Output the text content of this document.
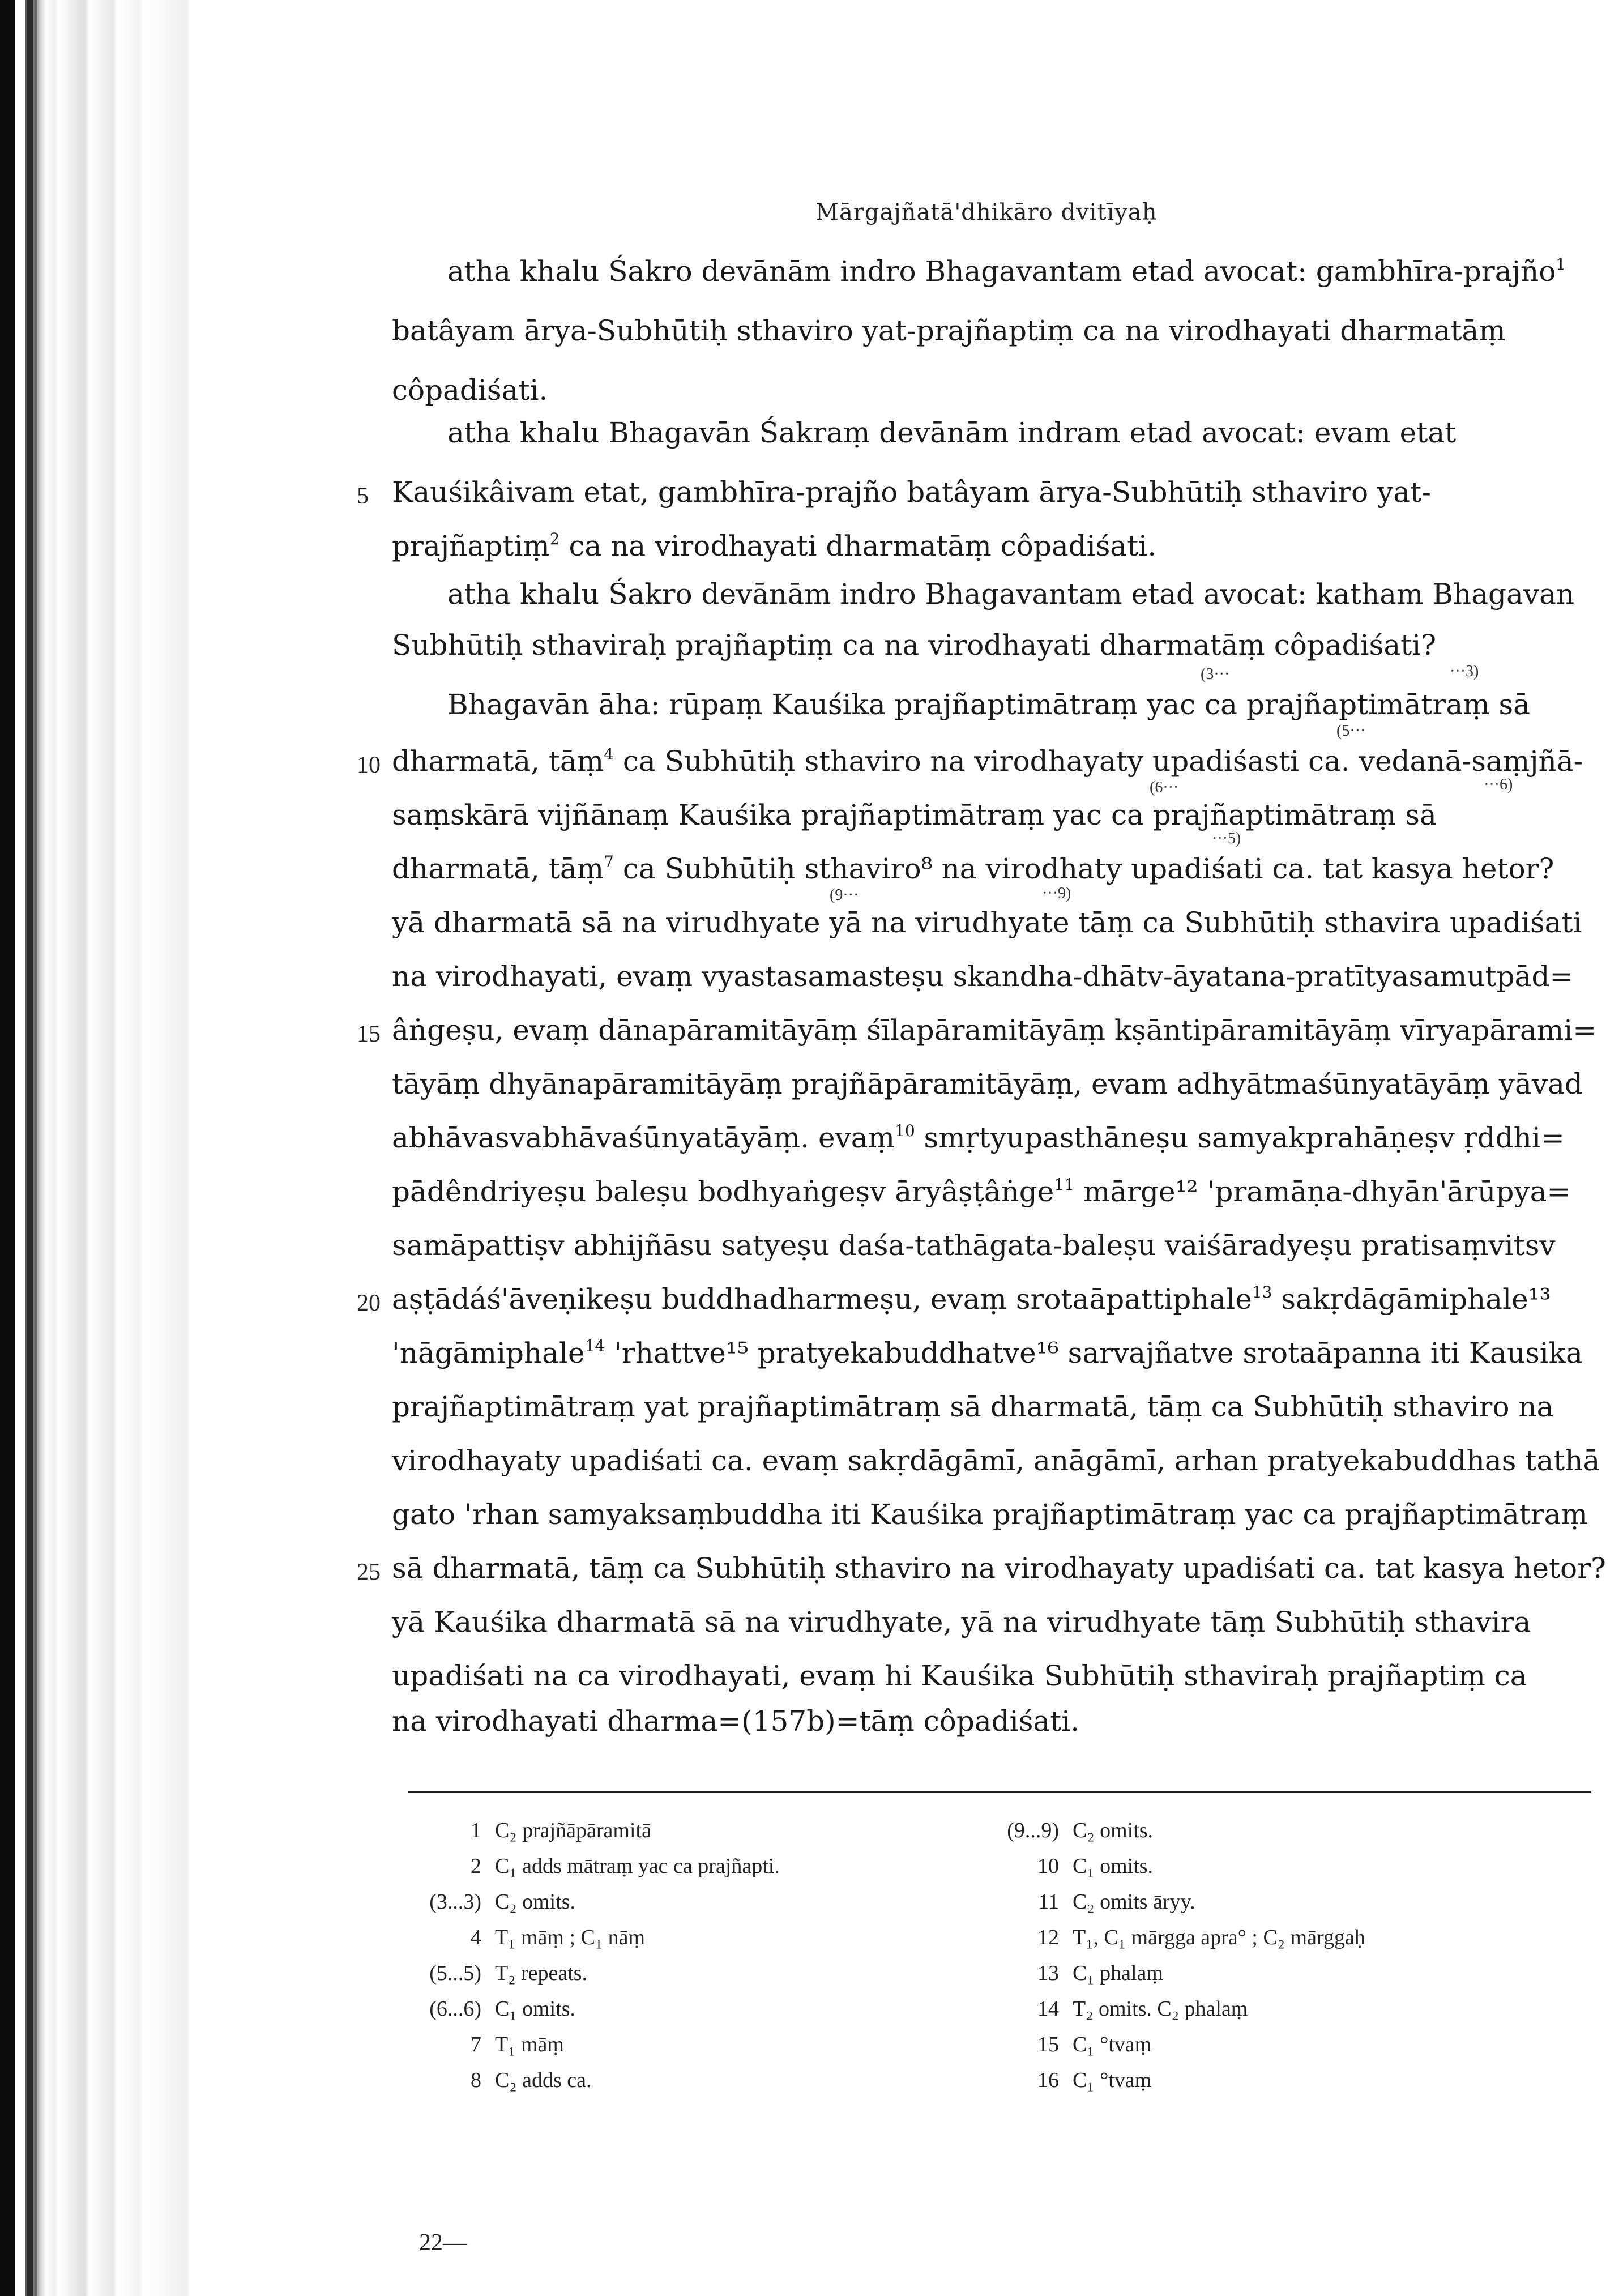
Mārgajñatā'dhikāro dvitīyaḥ
atha khalu Śakro devānām indro Bhagavantam etad avocat: gambhīra-prajño$^1$
batâyam ārya-Subhūtiḥ sthaviro yat-prajñaptiṃ ca na virodhayati dharmatāṃ
côpadiśati.
atha khalu Bhagavān Śakraṃ devānām indram etad avocat: evam etat
Kauśikâivam etat, gambhīra-prajño batâyam ārya-Subhūtiḥ sthaviro yat-
prajñaptiṃ$^2$ ca na virodhayati dharmatāṃ côpadiśati.
atha khalu Śakro devānām indro Bhagavantam etad avocat: katham Bhagavan
Subhūtiḥ sthaviraḥ prajñaptiṃ ca na virodhayati dharmatāṃ côpadiśati?
Bhagavān āha: rūpaṃ Kauśika prajñaptimātraṃ yac ca prajñaptimātraṃ sā
dharmatā, tāṃ$^4$ ca Subhūtiḥ sthaviro na virodhayaty upadiśasti ca. vedanā-saṃjñā-
saṃskārā vijñānaṃ Kauśika prajñaptimātraṃ yac ca prajñaptimātraṃ sā
dharmatā, tāṃ$^7$ ca Subhūtiḥ sthaviro⁸ na virodhaty upadiśati ca. tat kasya hetor?
yā dharmatā sā na virudhyate yā na virudhyate tāṃ ca Subhūtiḥ sthavira upadiśati
na virodhayati, evaṃ vyastasamasteṣu skandha-dhātv-āyatana-pratītyasamutpād=
âṅgeṣu, evaṃ dānapāramitāyāṃ śīlapāramitāyāṃ kṣāntipāramitāyāṃ vīryapārami=
tāyāṃ dhyānapāramitāyāṃ prajñāpāramitāyāṃ, evam adhyātmaśūnyatāyāṃ yāvad
abhāvasvabhāvaśūnyatāyāṃ. evaṃ$^{10}$ smṛtyupasthāneṣu samyakprahāṇeṣv ṛddhi=
pādêndriyeṣu baleṣu bodhyaṅgeṣv āryâṣṭâṅge$^{11}$ mārge¹² 'pramāṇa-dhyān'ārūpya=
samāpattiṣv abhijñāsu satyeṣu daśa-tathāgata-baleṣu vaiśāradyeṣu pratisaṃvitsv
aṣṭādáś'āveṇikeṣu buddhadharmeṣu, evaṃ srotaāpattiphale$^{13}$ sakṛdāgāmiphale¹³
'nāgāmiphale$^{14}$ 'rhattve¹⁵ pratyekabuddhatve¹⁶ sarvajñatve srotaāpanna iti Kausika
prajñaptimātraṃ yat prajñaptimātraṃ sā dharmatā, tāṃ ca Subhūtiḥ sthaviro na
virodhayaty upadiśati ca. evaṃ sakṛdāgāmī, anāgāmī, arhan pratyekabuddhas tathā
gato 'rhan samyaksaṃbuddha iti Kauśika prajñaptimātraṃ yac ca prajñaptimātraṃ
sā dharmatā, tāṃ ca Subhūtiḥ sthaviro na virodhayaty upadiśati ca. tat kasya hetor?
yā Kauśika dharmatā sā na virudhyate, yā na virudhyate tāṃ Subhūtiḥ sthavira
upadiśati na ca virodhayati, evaṃ hi Kauśika Subhūtiḥ sthaviraḥ prajñaptiṃ ca
na virodhayati dharma=(157b)=tāṃ côpadiśati.
5
10
15
20
25
(3···	···3)
(5···
(6···	···6)
···5)
(9···	···9)
1 C₂ prajñāpāramitā
2 C₁ adds mātraṃ yac ca prajñapti.
(3...3) C₂ omits.
4 T₁ māṃ ; C₁ nāṃ
(5...5) T₂ repeats.
(6...6) C₁ omits.
7 T₁ māṃ
8 C₂ adds ca.
(9...9) C₂ omits.
10 C₁ omits.
11 C₂ omits āryy.
12 T₁, C₁ mārgga apra° ; C₂ mārggaḥ
13 C₁ phalaṃ
14 T₂ omits. C₂ phalaṃ
15 C₁ °tvaṃ
16 C₁ °tvaṃ
22—
